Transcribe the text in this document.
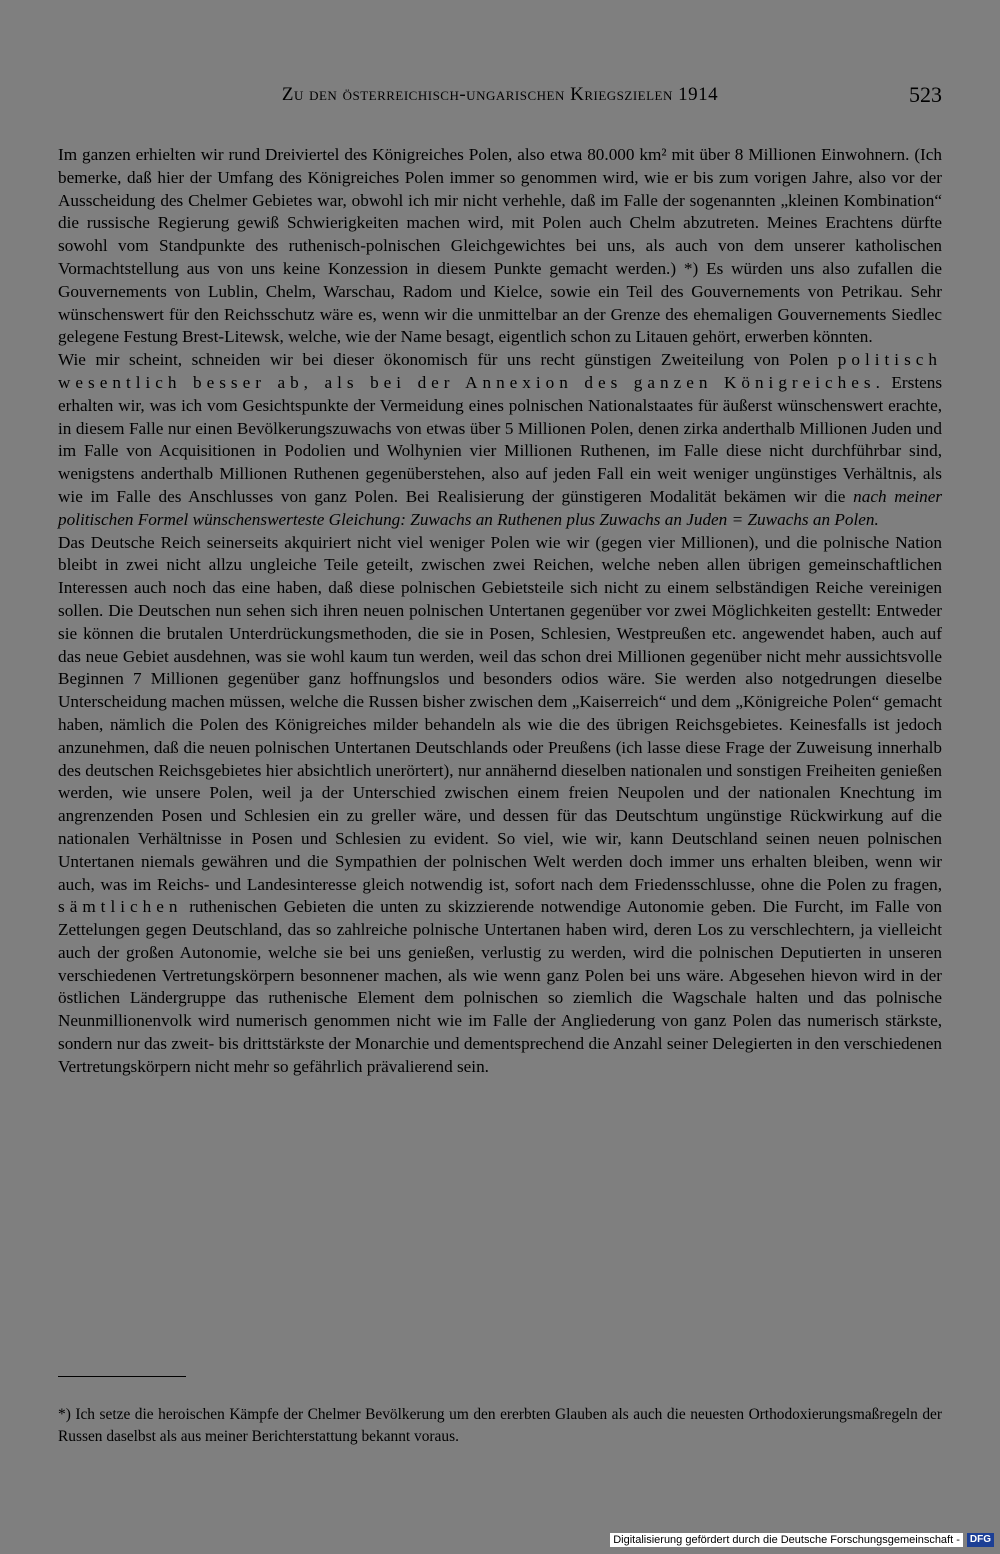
Zu den österreichisch-ungarischen Kriegszielen 1914	523

Im ganzen erhielten wir rund Dreiviertel des Königreiches Polen, also etwa 80.000 km² mit über 8 Millionen Einwohnern. (Ich bemerke, daß hier der Umfang des Königreiches Polen immer so genommen wird, wie er bis zum vorigen Jahre, also vor der Ausscheidung des Chelmer Gebietes war, obwohl ich mir nicht verhehle, daß im Falle der sogenannten „kleinen Kombination“ die russische Regierung gewiß Schwierigkeiten machen wird, mit Polen auch Chelm abzutreten. Meines Erachtens dürfte sowohl vom Standpunkte des ruthenisch-polnischen Gleichgewichtes bei uns, als auch von dem unserer katholischen Vormachtstellung aus von uns keine Konzession in diesem Punkte gemacht werden.) *) Es würden uns also zufallen die Gouvernements von Lublin, Chelm, Warschau, Radom und Kielce, sowie ein Teil des Gouvernements von Petrikau. Sehr wünschenswert für den Reichsschutz wäre es, wenn wir die unmittelbar an der Grenze des ehemaligen Gouvernements Siedlec gelegene Festung Brest-Litewsk, welche, wie der Name besagt, eigentlich schon zu Litauen gehört, erwerben könnten.

Wie mir scheint, schneiden wir bei dieser ökonomisch für uns recht günstigen Zweiteilung von Polen politisch wesentlich besser ab, als bei der Annexion des ganzen Königreiches. Erstens erhalten wir, was ich vom Gesichtspunkte der Vermeidung eines polnischen Nationalstaates für äußerst wünschenswert erachte, in diesem Falle nur einen Bevölkerungszuwachs von etwas über 5 Millionen Polen, denen zirka anderthalb Millionen Juden und im Falle von Acquisitionen in Podolien und Wolhynien vier Millionen Ruthenen, im Falle diese nicht durchführbar sind, wenigstens anderthalb Millionen Ruthenen gegenüberstehen, also auf jeden Fall ein weit weniger ungünstiges Verhältnis, als wie im Falle des Anschlusses von ganz Polen. Bei Realisierung der günstigeren Modalität bekämen wir die nach meiner politischen Formel wünschenswerteste Gleichung: Zuwachs an Ruthenen plus Zuwachs an Juden = Zuwachs an Polen.

Das Deutsche Reich seinerseits akquiriert nicht viel weniger Polen wie wir (gegen vier Millionen), und die polnische Nation bleibt in zwei nicht allzu ungleiche Teile geteilt, zwischen zwei Reichen, welche neben allen übrigen gemeinschaftlichen Interessen auch noch das eine haben, daß diese polnischen Gebietsteile sich nicht zu einem selbständigen Reiche vereinigen sollen. Die Deutschen nun sehen sich ihren neuen polnischen Untertanen gegenüber vor zwei Möglichkeiten gestellt: Entweder sie können die brutalen Unterdrückungsmethoden, die sie in Posen, Schlesien, Westpreußen etc. angewendet haben, auch auf das neue Gebiet ausdehnen, was sie wohl kaum tun werden, weil das schon drei Millionen gegenüber nicht mehr aussichtsvolle Beginnen 7 Millionen gegenüber ganz hoffnungslos und besonders odios wäre. Sie werden also notgedrungen dieselbe Unterscheidung machen müssen, welche die Russen bisher zwischen dem „Kaiserreich“ und dem „Königreiche Polen“ gemacht haben, nämlich die Polen des Königreiches milder behandeln als wie die des übrigen Reichsgebietes. Keinesfalls ist jedoch anzunehmen, daß die neuen polnischen Untertanen Deutschlands oder Preußens (ich lasse diese Frage der Zuweisung innerhalb des deutschen Reichsgebietes hier absichtlich unerörtert), nur annähernd dieselben nationalen und sonstigen Freiheiten genießen werden, wie unsere Polen, weil ja der Unterschied zwischen einem freien Neupolen und der nationalen Knechtung im angrenzenden Posen und Schlesien ein zu greller wäre, und dessen für das Deutschtum ungünstige Rückwirkung auf die nationalen Verhältnisse in Posen und Schlesien zu evident. So viel, wie wir, kann Deutschland seinen neuen polnischen Untertanen niemals gewähren und die Sympathien der polnischen Welt werden doch immer uns erhalten bleiben, wenn wir auch, was im Reichs- und Landesinteresse gleich notwendig ist, sofort nach dem Friedensschlusse, ohne die Polen zu fragen, sämtlichen ruthenischen Gebieten die unten zu skizzierende notwendige Autonomie geben. Die Furcht, im Falle von Zettelungen gegen Deutschland, das so zahlreiche polnische Untertanen haben wird, deren Los zu verschlechtern, ja vielleicht auch der großen Autonomie, welche sie bei uns genießen, verlustig zu werden, wird die polnischen Deputierten in unseren verschiedenen Vertretungskörpern besonnener machen, als wie wenn ganz Polen bei uns wäre. Abgesehen hievon wird in der östlichen Ländergruppe das ruthenische Element dem polnischen so ziemlich die Wagschale halten und das polnische Neunmillionenvolk wird numerisch genommen nicht wie im Falle der Angliederung von ganz Polen das numerisch stärkste, sondern nur das zweit- bis drittstärkste der Monarchie und dementsprechend die Anzahl seiner Delegierten in den verschiedenen Vertretungskörpern nicht mehr so gefährlich prävalierend sein.

*) Ich setze die heroischen Kämpfe der Chelmer Bevölkerung um den ererbten Glauben als auch die neuesten Orthodoxierungsmaßregeln der Russen daselbst als aus meiner Berichterstattung bekannt voraus.

Digitalisierung gefördert durch die Deutsche Forschungsgemeinschaft -	DFG
